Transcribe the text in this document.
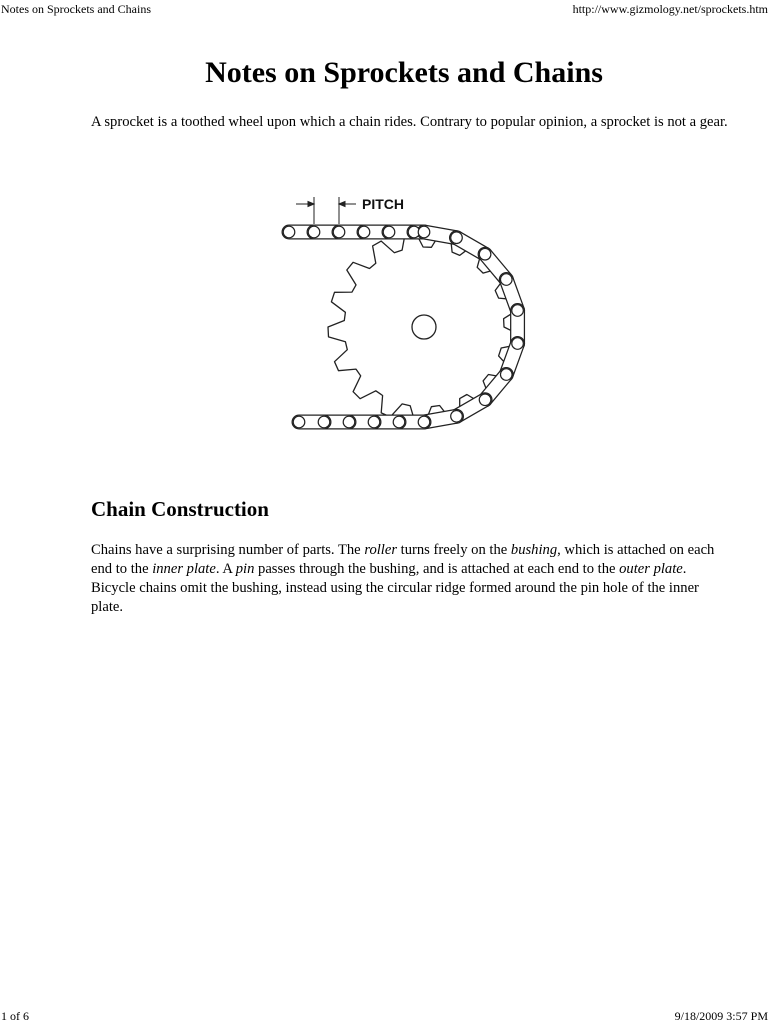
Notes on Sprockets and Chains	http://www.gizmology.net/sprockets.htm
Notes on Sprockets and Chains

A sprocket is a toothed wheel upon which a chain rides. Contrary to popular opinion, a sprocket is not a gear.

PITCH
Chain Construction

Chains have a surprising number of parts. The roller turns freely on the bushing, which is attached on each end to the inner plate. A pin passes through the bushing, and is attached at each end to the outer plate. Bicycle chains omit the bushing, instead using the circular ridge formed around the pin hole of the inner plate.

1 of 6	9/18/2009 3:57 PM
